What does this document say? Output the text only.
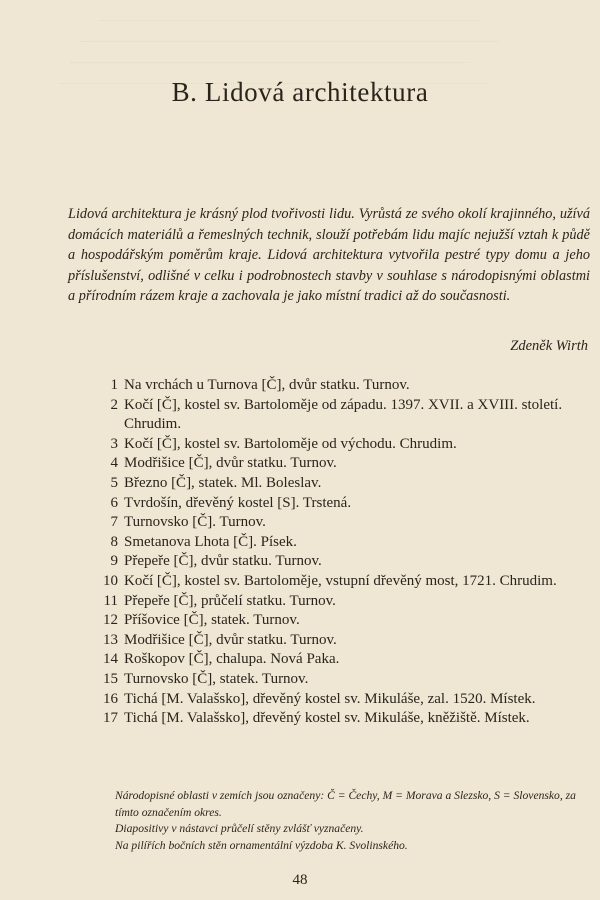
B. Lidová architektura

Lidová architektura je krásný plod tvořivosti lidu. Vyrůstá ze svého okolí krajinného, užívá domácích materiálů a řemeslných technik, slouží potřebám lidu majíc nejužší vztah k půdě a hospodářským poměrům kraje. Lidová architektura vytvořila pestré typy domu a jeho příslušenství, odlišné v celku i podrobnostech stavby v souhlase s národopisnými oblastmi a přírodním rázem kraje a zachovala je jako místní tradici až do současnosti.

Zdeněk Wirth
1 Na vrchách u Turnova [Č], dvůr statku. Turnov.
2 Kočí [Č], kostel sv. Bartoloměje od západu. 1397. XVII. a XVIII. století. Chrudim.
3 Kočí [Č], kostel sv. Bartoloměje od východu. Chrudim.
4 Modřišice [Č], dvůr statku. Turnov.
5 Březno [Č], statek. Ml. Boleslav.
6 Tvrdošín, dřevěný kostel [S]. Trstená.
7 Turnovsko [Č]. Turnov.
8 Smetanova Lhota [Č]. Písek.
9 Přepeře [Č], dvůr statku. Turnov.
10 Kočí [Č], kostel sv. Bartoloměje, vstupní dřevěný most, 1721. Chrudim.
11 Přepeře [Č], průčelí statku. Turnov.
12 Příšovice [Č], statek. Turnov.
13 Modřišice [Č], dvůr statku. Turnov.
14 Roškopov [Č], chalupa. Nová Paka.
15 Turnovsko [Č], statek. Turnov.
16 Tichá [M. Valašsko], dřevěný kostel sv. Mikuláše, zal. 1520. Místek.
17 Tichá [M. Valašsko], dřevěný kostel sv. Mikuláše, kněžiště. Místek.

Národopisné oblasti v zemích jsou označeny: Č = Čechy, M = Morava a Slezsko, S = Slovensko, za tímto označením okres.

Diapositivy v nástavci průčelí stěny zvlášť vyznačeny.

Na pilířích bočních stěn ornamentální výzdoba K. Svolinského.

48
